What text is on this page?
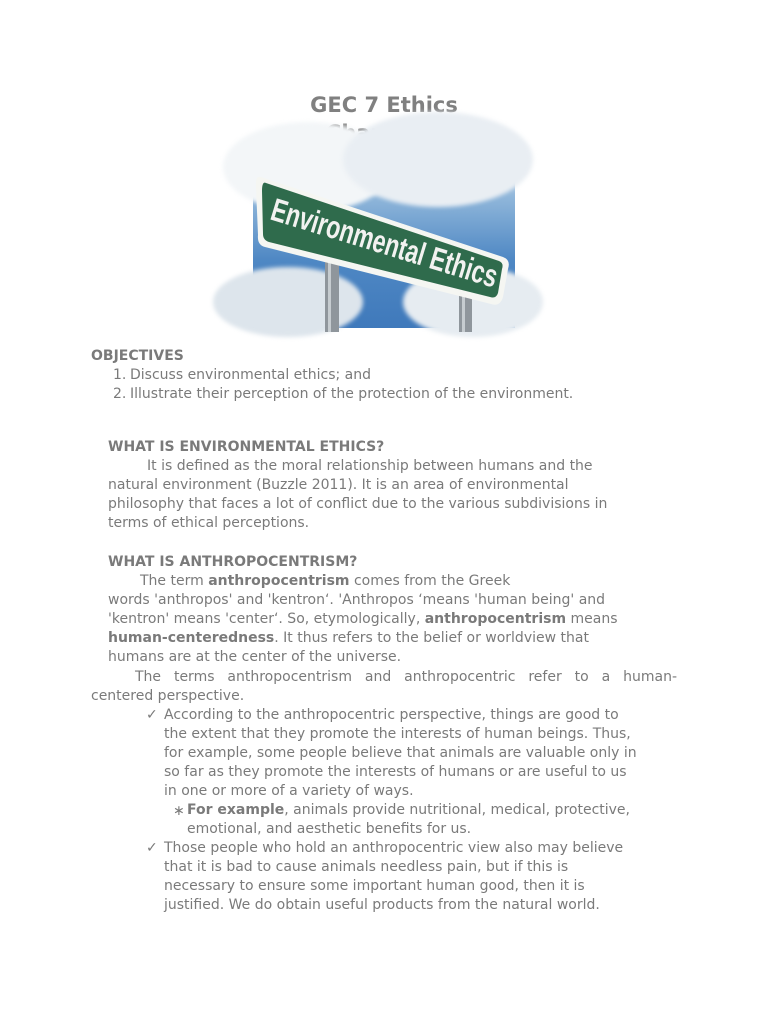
GEC 7 Ethics
Environmental Ethics
OBJECTIVES
1. Discuss environmental ethics; and
2. Illustrate their perception of the protection of the environment.
WHAT IS ENVIRONMENTAL ETHICS?
It is defined as the moral relationship between humans and the
natural environment (Buzzle 2011). It is an area of environmental
philosophy that faces a lot of conflict due to the various subdivisions in
terms of ethical perceptions.
WHAT IS ANTHROPOCENTRISM?
The term anthropocentrism comes from the Greek
words 'anthropos' and 'kentron‘. 'Anthropos ‘means 'human being' and
'kentron' means 'center‘. So, etymologically, anthropocentrism means
human-centeredness. It thus refers to the belief or worldview that
humans are at the center of the universe.
The terms anthropocentrism and anthropocentric refer to a human-
centered perspective.
✓ According to the anthropocentric perspective, things are good to
the extent that they promote the interests of human beings. Thus,
for example, some people believe that animals are valuable only in
so far as they promote the interests of humans or are useful to us
in one or more of a variety of ways.
∗ For example, animals provide nutritional, medical, protective,
emotional, and aesthetic benefits for us.
✓ Those people who hold an anthropocentric view also may believe
that it is bad to cause animals needless pain, but if this is
necessary to ensure some important human good, then it is
justified. We do obtain useful products from the natural world.
